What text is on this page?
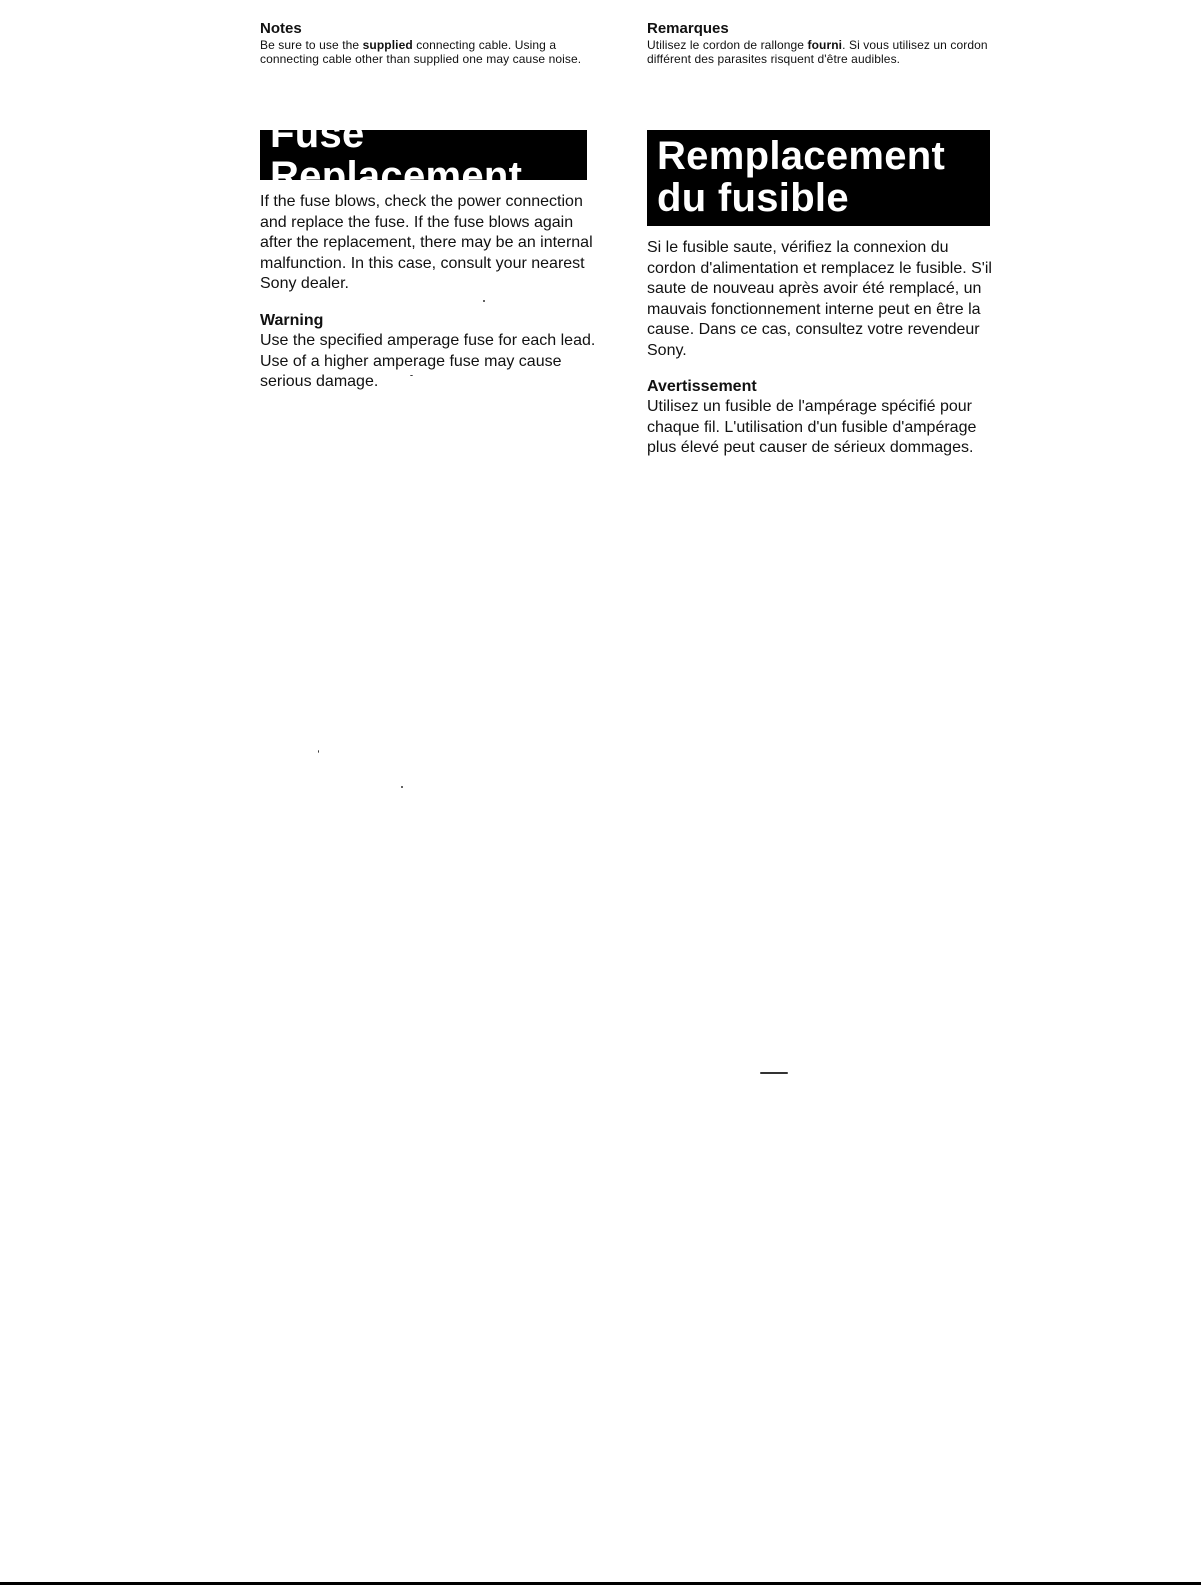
Notes

Be sure to use the supplied connecting cable. Using a connecting cable other than supplied one may cause noise.

Remarques

Utilisez le cordon de rallonge fourni. Si vous utilisez un cordon différent des parasites risquent d'être audibles.

Fuse Replacement	Remplacement
du fusible

If the fuse blows, check the power connection and replace the fuse. If the fuse blows again after the replacement, there may be an internal malfunction. In this case, consult your nearest Sony dealer.

Si le fusible saute, vérifiez la connexion du cordon d'alimentation et remplacez le fusible. S'il saute de nouveau après avoir été remplacé, un mauvais fonctionnement interne peut en être la cause. Dans ce cas, consultez votre revendeur Sony.

Warning

Use the specified amperage fuse for each lead. Use of a higher amperage fuse may cause serious damage.	Avertissement

Utilisez un fusible de l'ampérage spécifié pour chaque fil. L'utilisation d'un fusible d'ampérage plus élevé peut causer de sérieux dommages.
